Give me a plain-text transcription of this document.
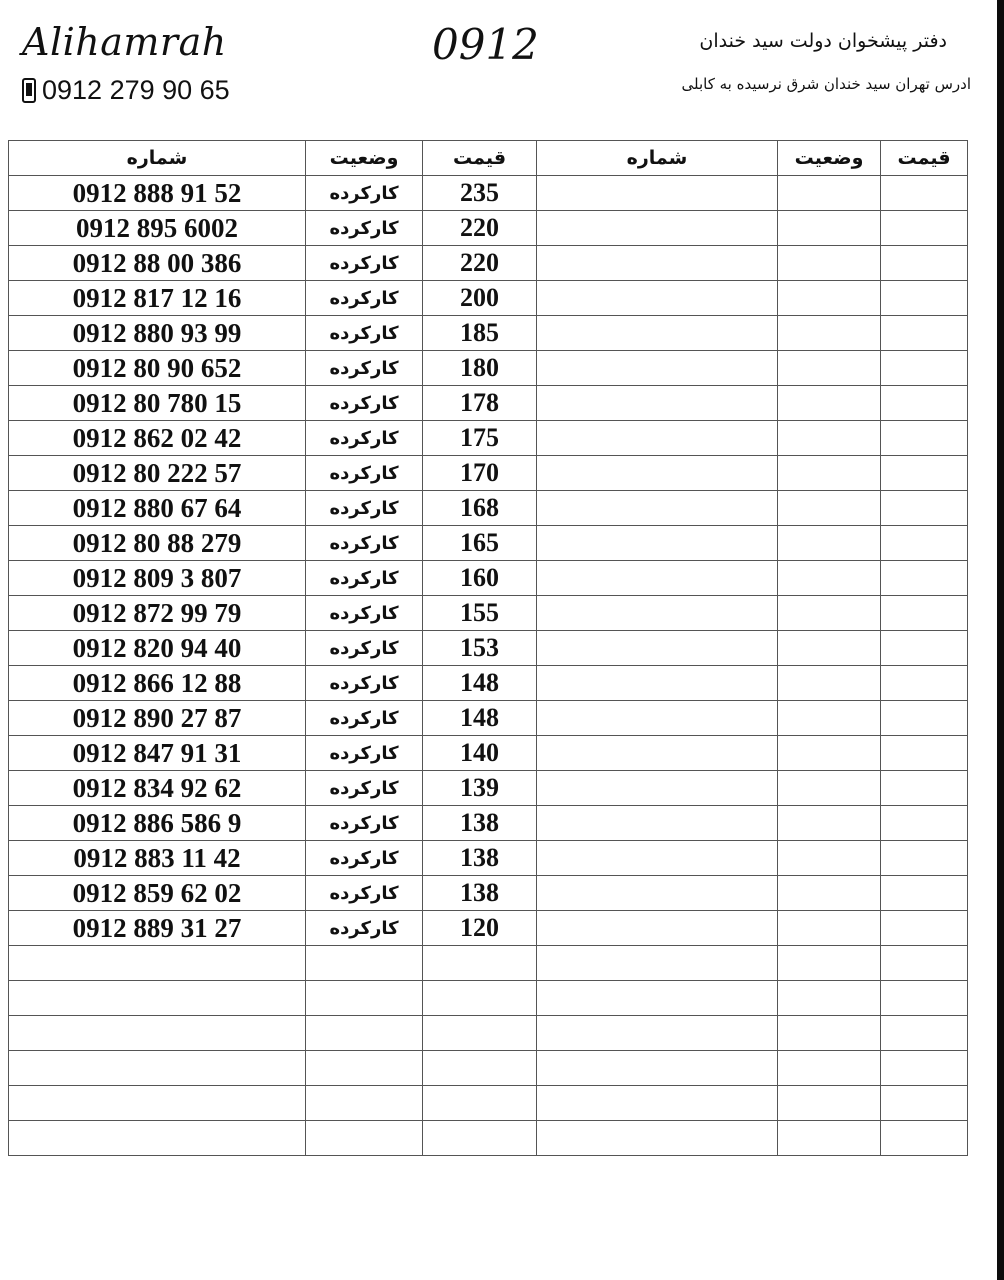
Alihamrah
0912 279 90 65
0912	دفتر پیشخوان دولت سید خندان
ادرس تهران سید خندان شرق نرسیده به کابلی
شماره	وضعیت	قیمت	شماره	وضعیت	قیمت
0912 888 91 52	کارکرده	235			
0912 895 6002	کارکرده	220			
0912 88 00 386	کارکرده	220			
0912 817 12 16	کارکرده	200			
0912 880 93 99	کارکرده	185			
0912 80 90 652	کارکرده	180			
0912 80 780 15	کارکرده	178			
0912 862 02 42	کارکرده	175			
0912 80 222 57	کارکرده	170			
0912 880 67 64	کارکرده	168			
0912 80 88 279	کارکرده	165			
0912 809 3 807	کارکرده	160			
0912 872 99 79	کارکرده	155			
0912 820 94 40	کارکرده	153			
0912 866 12 88	کارکرده	148			
0912 890 27 87	کارکرده	148			
0912 847 91 31	کارکرده	140			
0912 834 92 62	کارکرده	139			
0912 886 586 9	کارکرده	138			
0912 883 11 42	کارکرده	138			
0912 859 62 02	کارکرده	138			
0912 889 31 27	کارکرده	120			
